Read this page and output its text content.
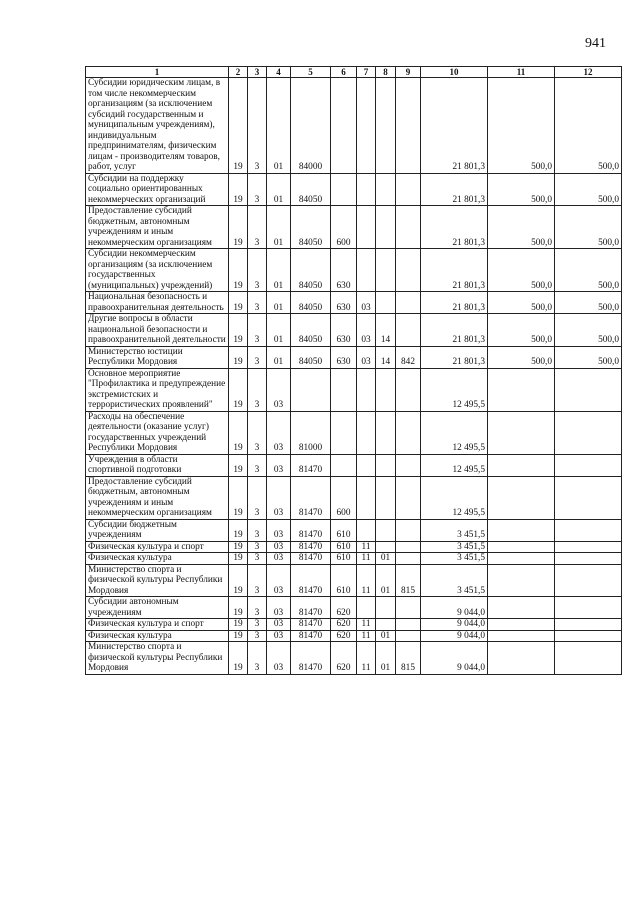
941
1	2	3	4	5	6	7	8	9	10	11	12
Субсидии юридическим лицам, в том числе некоммерческим организациям (за исключением субсидий государственным и муниципальным учреждениям), индивидуальным предпринимателям, физическим лицам - производителям товаров, работ, услуг	19	3	01	84000					21 801,3	500,0	500,0
Субсидии на поддержку социально ориентированных некоммерческих организаций	19	3	01	84050					21 801,3	500,0	500,0
Предоставление субсидий бюджетным, автономным учреждениям и иным некоммерческим организациям	19	3	01	84050	600				21 801,3	500,0	500,0
Субсидии некоммерческим организациям (за исключением государственных (муниципальных) учреждений)	19	3	01	84050	630				21 801,3	500,0	500,0
Национальная безопасность и правоохранительная деятельность	19	3	01	84050	630	03			21 801,3	500,0	500,0
Другие вопросы в области национальной безопасности и правоохранительной деятельности	19	3	01	84050	630	03	14		21 801,3	500,0	500,0
Министерство юстиции Республики Мордовия	19	3	01	84050	630	03	14	842	21 801,3	500,0	500,0
Основное мероприятие "Профилактика и предупреждение экстремистских и террористических проявлений"	19	3	03						12 495,5		
Расходы на обеспечение деятельности (оказание услуг) государственных учреждений Республики Мордовия	19	3	03	81000					12 495,5		
Учреждения в области спортивной подготовки	19	3	03	81470					12 495,5		
Предоставление субсидий бюджетным, автономным учреждениям и иным некоммерческим организациям	19	3	03	81470	600				12 495,5		
Субсидии бюджетным учреждениям	19	3	03	81470	610				3 451,5		
Физическая культура и спорт	19	3	03	81470	610	11			3 451,5		
Физическая культура	19	3	03	81470	610	11	01		3 451,5		
Министерство спорта и физической культуры Республики Мордовия	19	3	03	81470	610	11	01	815	3 451,5		
Субсидии автономным учреждениям	19	3	03	81470	620				9 044,0		
Физическая культура и спорт	19	3	03	81470	620	11			9 044,0		
Физическая культура	19	3	03	81470	620	11	01		9 044,0		
Министерство спорта и физической культуры Республики Мордовия	19	3	03	81470	620	11	01	815	9 044,0		
